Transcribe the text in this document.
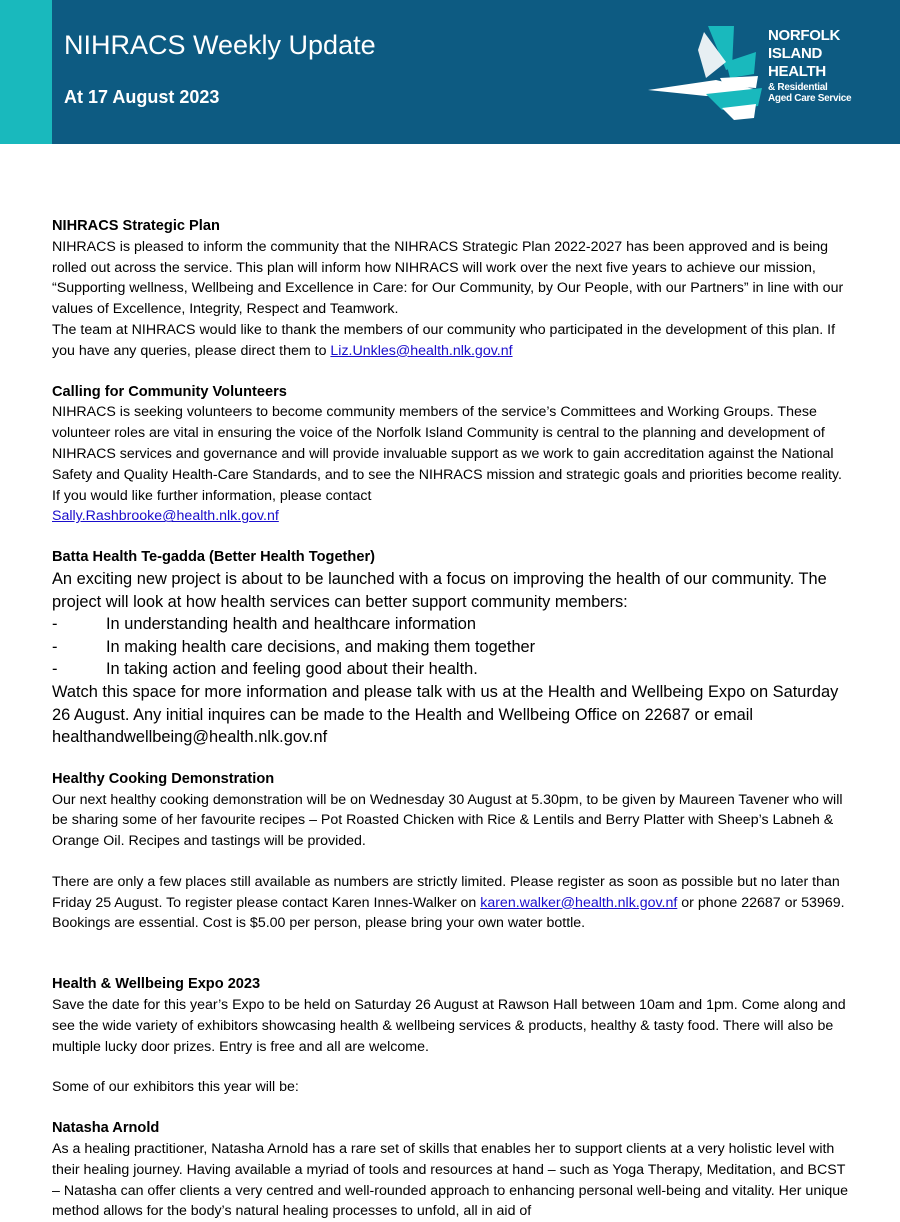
NIHRACS Weekly Update
At 17 August 2023
NORFOLK
ISLAND
HEALTH
& Residential
Aged Care Service
NIHRACS Strategic Plan

NIHRACS is pleased to inform the community that the NIHRACS Strategic Plan 2022-2027 has been approved and is being rolled out across the service. This plan will inform how NIHRACS will work over the next five years to achieve our mission, “Supporting wellness, Wellbeing and Excellence in Care: for Our Community, by Our People, with our Partners” in line with our values of Excellence, Integrity, Respect and Teamwork.

The team at NIHRACS would like to thank the members of our community who participated in the development of this plan. If you have any queries, please direct them to Liz.Unkles@health.nlk.gov.nf

Calling for Community Volunteers

NIHRACS is seeking volunteers to become community members of the service’s Committees and Working Groups. These volunteer roles are vital in ensuring the voice of the Norfolk Island Community is central to the planning and development of NIHRACS services and governance and will provide invaluable support as we work to gain accreditation against the National Safety and Quality Health-Care Standards, and to see the NIHRACS mission and strategic goals and priorities become reality. If you would like further information, please contact

Sally.Rashbrooke@health.nlk.gov.nf

Batta Health Te-gadda (Better Health Together)

An exciting new project is about to be launched with a focus on improving the health of our community. The project will look at how health services can better support community members:

-	In understanding health and healthcare information
-	In making health care decisions, and making them together
-	In taking action and feeling good about their health.

Watch this space for more information and please talk with us at the Health and Wellbeing Expo on Saturday 26 August. Any initial inquires can be made to the Health and Wellbeing Office on 22687 or email healthandwellbeing@health.nlk.gov.nf

Healthy Cooking Demonstration

Our next healthy cooking demonstration will be on Wednesday 30 August at 5.30pm, to be given by Maureen Tavener who will be sharing some of her favourite recipes – Pot Roasted Chicken with Rice & Lentils and Berry Platter with Sheep’s Labneh & Orange Oil. Recipes and tastings will be provided.

There are only a few places still available as numbers are strictly limited. Please register as soon as possible but no later than Friday 25 August. To register please contact Karen Innes-Walker on karen.walker@health.nlk.gov.nf or phone 22687 or 53969. Bookings are essential. Cost is $5.00 per person, please bring your own water bottle.

Health & Wellbeing Expo 2023

Save the date for this year’s Expo to be held on Saturday 26 August at Rawson Hall between 10am and 1pm. Come along and see the wide variety of exhibitors showcasing health & wellbeing services & products, healthy & tasty food. There will also be multiple lucky door prizes. Entry is free and all are welcome.

Some of our exhibitors this year will be:

Natasha Arnold

As a healing practitioner, Natasha Arnold has a rare set of skills that enables her to support clients at a very holistic level with their healing journey. Having available a myriad of tools and resources at hand – such as Yoga Therapy, Meditation, and BCST – Natasha can offer clients a very centred and well-rounded approach to enhancing personal well-being and vitality. Her unique method allows for the body’s natural healing processes to unfold, all in aid of
